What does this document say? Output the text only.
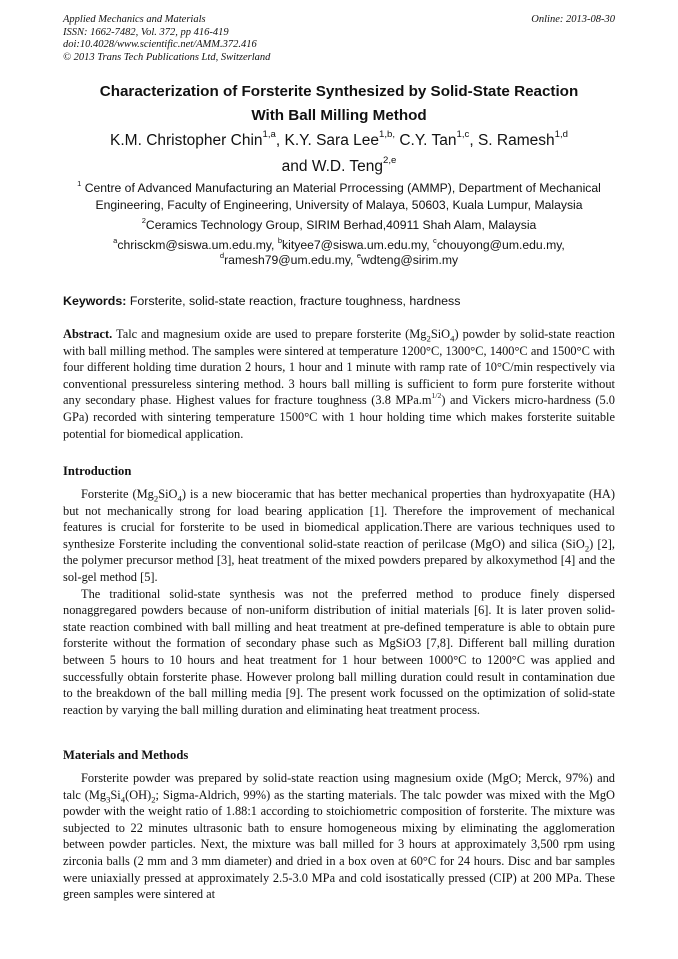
Applied Mechanics and Materials
ISSN: 1662-7482, Vol. 372, pp 416-419
doi:10.4028/www.scientific.net/AMM.372.416
© 2013 Trans Tech Publications Ltd, Switzerland
Online: 2013-08-30
Characterization of Forsterite Synthesized by Solid-State Reaction
With Ball Milling Method
K.M. Christopher Chin$^{1,a}$, K.Y. Sara Lee$^{1,b,}$ C.Y. Tan$^{1,c}$, S. Ramesh$^{1,d}$
and W.D. Teng$^{2,e}$
$^1$ Centre of Advanced Manufacturing an Material Prrocessing (AMMP), Department of Mechanical
Engineering, Faculty of Engineering, University of Malaya, 50603, Kuala Lumpur, Malaysia
$^2$Ceramics Technology Group, SIRIM Berhad,40911 Shah Alam, Malaysia
$^a$chrisckm@siswa.um.edu.my, $^b$kityee7@siswa.um.edu.my, $^c$chouyong@um.edu.my,
$^d$ramesh79@um.edu.my, $^e$wdteng@sirim.my
Keywords: Forsterite, solid-state reaction, fracture toughness, hardness

Abstract. Talc and magnesium oxide are used to prepare forsterite $(Mg_2SiO_4)$ powder by solid-state reaction with ball milling method. The samples were sintered at temperature 1200°C, 1300°C, 1400°C and 1500°C with four different holding time duration 2 hours, 1 hour and 1 minute with ramp rate of 10°C/min respectively via conventional pressureless sintering method. 3 hours ball milling is sufficient to form pure forsterite without any secondary phase. Highest values for fracture toughness (3.8 $MPa.m^{1/2}$) and Vickers micro-hardness (5.0 GPa) recorded with sintering temperature 1500°C with 1 hour holding time which makes forsterite suitable potential for biomedical application.

Introduction

Forsterite $(Mg_2SiO_4)$ is a new bioceramic that has better mechanical properties than hydroxyapatite (HA) but not mechanically strong for load bearing application [1]. Therefore the improvement of mechanical features is crucial for forsterite to be used in biomedical application.There are various techniques used to synthesize Forsterite including the conventional solid-state reaction of perilcase (MgO) and silica (SiO$_2$) [2], the polymer precursor method [3], heat treatment of the mixed powders prepared by alkoxymethod [4] and the sol-gel method [5].

The traditional solid-state synthesis was not the preferred method to produce finely dispersed nonaggregared powders because of non-uniform distribution of initial materials [6]. It is later proven solid-state reaction combined with ball milling and heat treatment at pre-defined temperature is able to obtain pure forsterite without the formation of secondary phase such as MgSiO3 [7,8]. Different ball milling duration between 5 hours to 10 hours and heat treatment for 1 hour between 1000°C to 1200°C was applied and successfully obtain forsterite phase. However prolong ball milling duration could result in contamination due to the breakdown of the ball milling media [9]. The present work focussed on the optimization of solid-state reaction by varying the ball milling duration and eliminating heat treatment process.

Materials and Methods

Forsterite powder was prepared by solid-state reaction using magnesium oxide (MgO; Merck, 97%) and talc ($Mg_3Si_4(OH)_2$; Sigma-Aldrich, 99%) as the starting materials. The talc powder was mixed with the MgO powder with the weight ratio of 1.88:1 according to stoichiometric composition of forsterite. The mixture was subjected to 22 minutes ultrasonic bath to ensure homogeneous mixing by eliminating the agglomeration between powder particles. Next, the mixture was ball milled for 3 hours at approximately 3,500 rpm using zirconia balls (2 mm and 3 mm diameter) and dried in a box oven at 60°C for 24 hours. Disc and bar samples were uniaxially pressed at approximately 2.5-3.0 MPa and cold isostatically pressed (CIP) at 200 MPa. These green samples were sintered at
